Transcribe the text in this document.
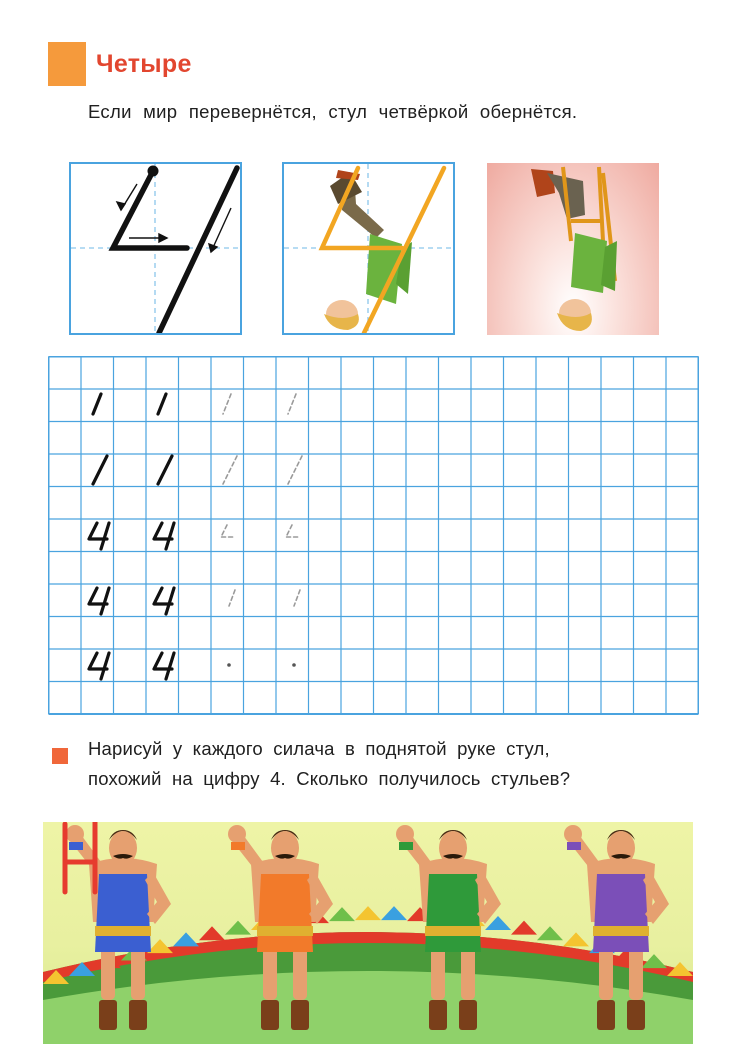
Четыре
Если мир перевернётся, стул четвёркой обернётся.
Нарисуй у каждого силача в поднятой руке стул,
похожий на цифру 4. Сколько получилось стульев?
